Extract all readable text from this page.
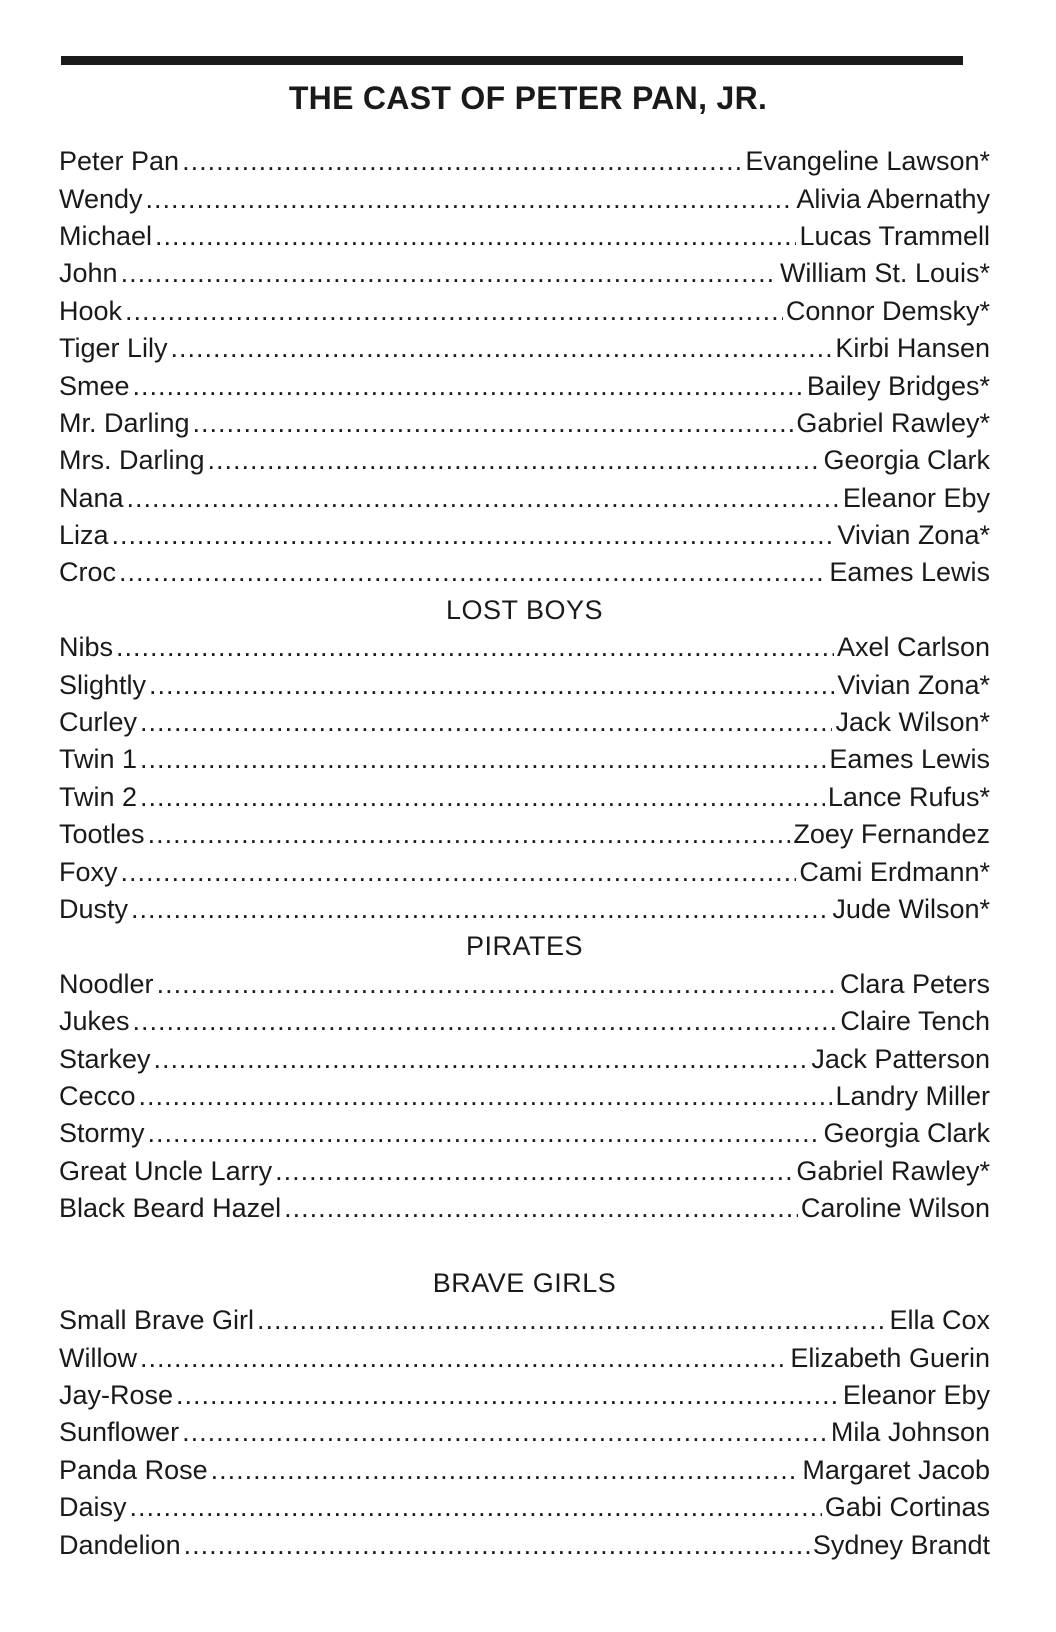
THE CAST OF PETER PAN, JR.
Peter Pan .....	Evangeline Lawson*
Wendy .....	Alivia Abernathy
Michael .....	Lucas Trammell
John .....	William St. Louis*
Hook .....	Connor Demsky*
Tiger Lily .....	Kirbi Hansen
Smee .....	Bailey Bridges*
Mr. Darling .....	Gabriel Rawley*
Mrs. Darling .....	Georgia Clark
Nana .....	Eleanor Eby
Liza .....	Vivian Zona*
Croc .....	Eames Lewis
LOST BOYS
Nibs .....	Axel Carlson
Slightly .....	Vivian Zona*
Curley .....	Jack Wilson*
Twin 1 .....	Eames Lewis
Twin 2 .....	Lance Rufus*
Tootles .....	Zoey Fernandez
Foxy .....	Cami Erdmann*
Dusty .....	Jude Wilson*
PIRATES
Noodler .....	Clara Peters
Jukes .....	Claire Tench
Starkey .....	Jack Patterson
Cecco .....	Landry Miller
Stormy .....	Georgia Clark
Great Uncle Larry .....	Gabriel Rawley*
Black Beard Hazel .....	Caroline Wilson
BRAVE GIRLS
Small Brave Girl .....	Ella Cox
Willow .....	Elizabeth Guerin
Jay-Rose .....	Eleanor Eby
Sunflower .....	Mila Johnson
Panda Rose .....	Margaret Jacob
Daisy .....	Gabi Cortinas
Dandelion .....	Sydney Brandt
